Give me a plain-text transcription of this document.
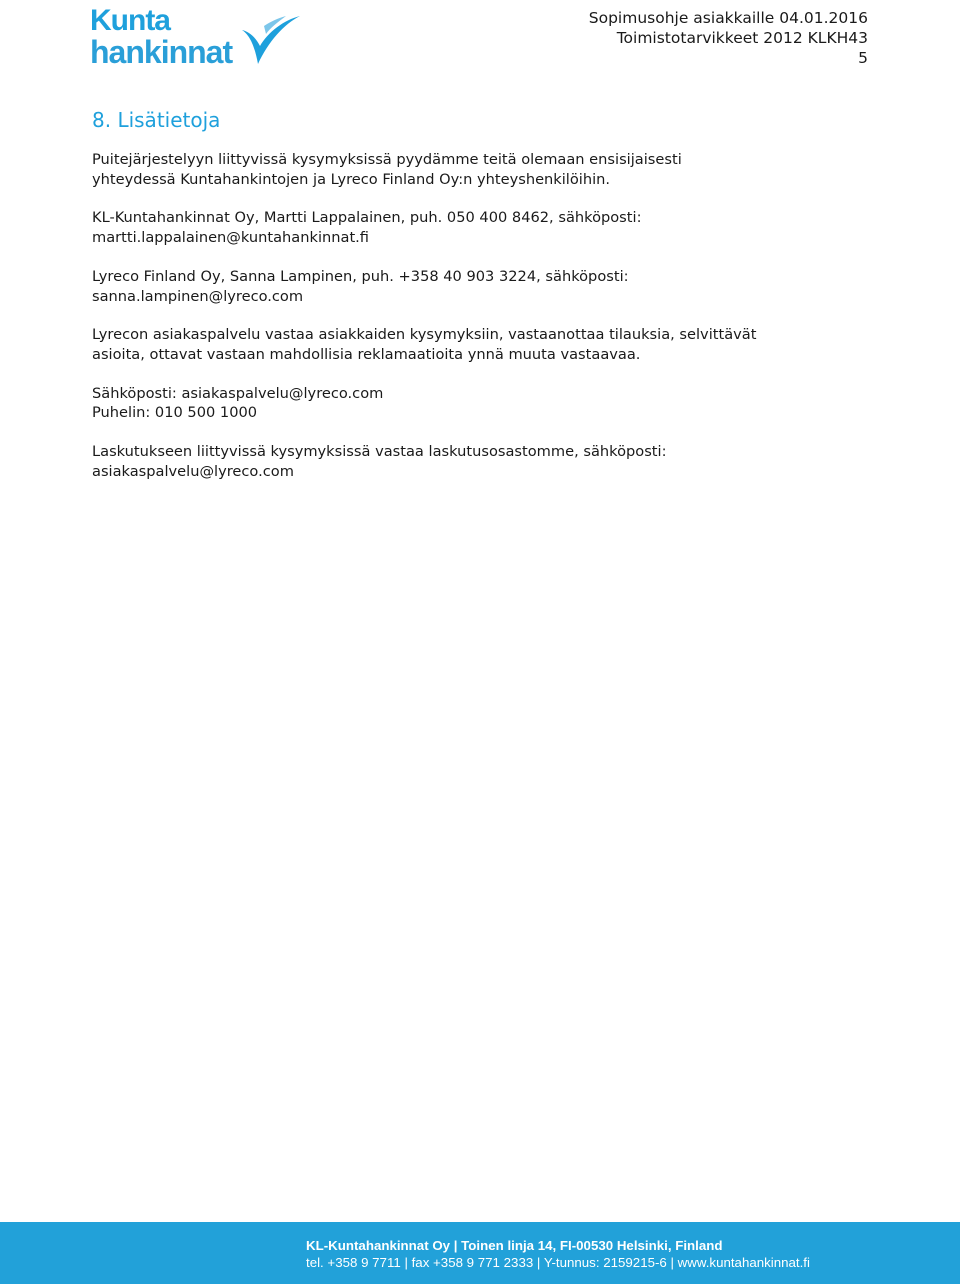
Kunta
hankinnat
Sopimusohje asiakkaille 04.01.2016
Toimistotarvikkeet 2012 KLKH43
5
8. Lisätietoja

Puitejärjestelyyn liittyvissä kysymyksissä pyydämme teitä olemaan ensisijaisesti
yhteydessä Kuntahankintojen ja Lyreco Finland Oy:n yhteyshenkilöihin.

KL-Kuntahankinnat Oy, Martti Lappalainen, puh. 050 400 8462, sähköposti:
martti.lappalainen@kuntahankinnat.fi

Lyreco Finland Oy, Sanna Lampinen, puh. +358 40 903 3224, sähköposti:
sanna.lampinen@lyreco.com

Lyrecon asiakaspalvelu vastaa asiakkaiden kysymyksiin, vastaanottaa tilauksia, selvittävät
asioita, ottavat vastaan mahdollisia reklamaatioita ynnä muuta vastaavaa.

Sähköposti: asiakaspalvelu@lyreco.com
Puhelin: 010 500 1000

Laskutukseen liittyvissä kysymyksissä vastaa laskutusosastomme, sähköposti:
asiakaspalvelu@lyreco.com

KL-Kuntahankinnat Oy | Toinen linja 14, FI-00530 Helsinki, Finland
tel. +358 9 7711 | fax +358 9 771 2333 | Y-tunnus: 2159215-6 | www.kuntahankinnat.fi
